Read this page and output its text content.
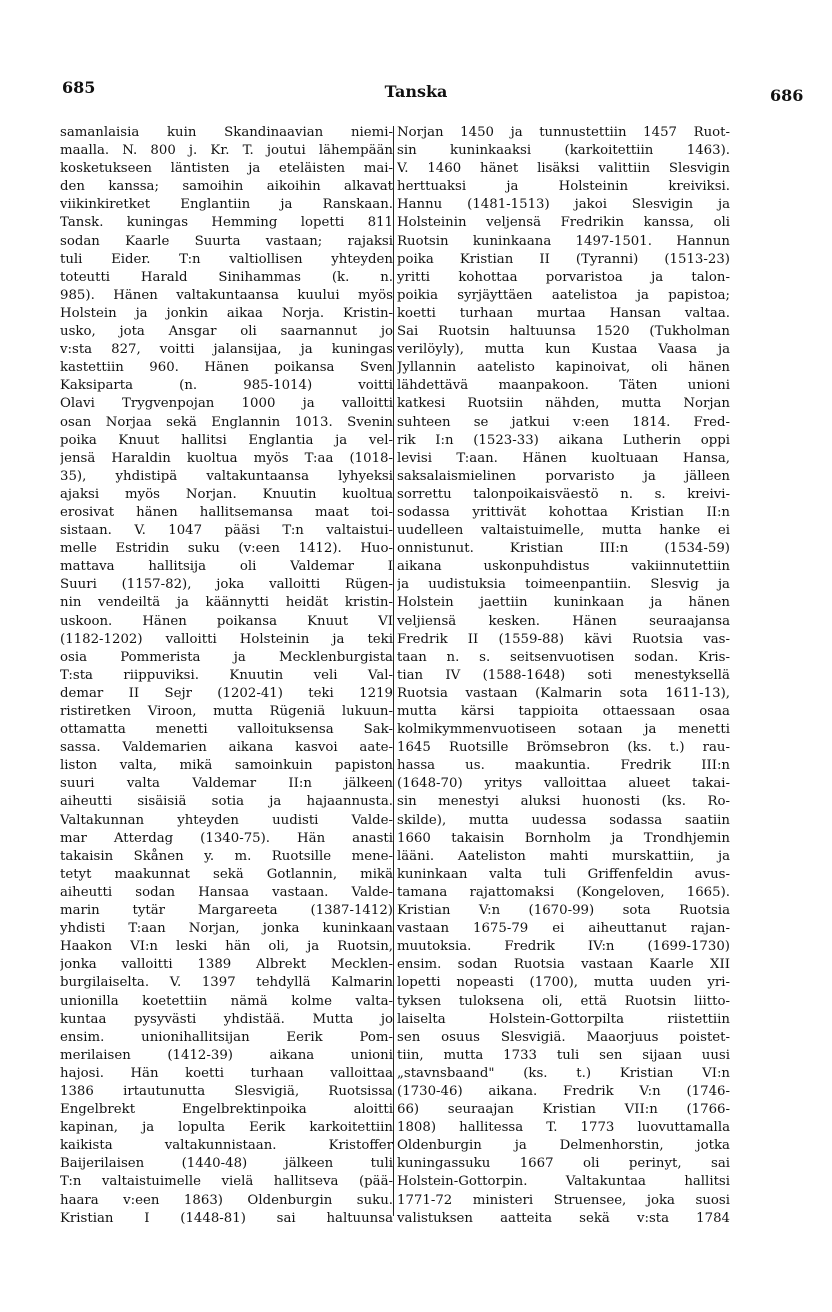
685	Tanska	686
samanlaisia kuin Skandinaavian niemi-
maalla. N. 800 j. Kr. T. joutui lähempään
kosketukseen läntisten ja eteläisten mai-
den kanssa; samoihin aikoihin alkavat
viikinkiretket Englantiin ja Ranskaan.
Tansk. kuningas Hemming lopetti 811
sodan Kaarle Suurta vastaan; rajaksi
tuli Eider. T:n valtiollisen yhteyden
toteutti Harald Sinihammas (k. n.
985). Hänen valtakuntaansa kuului myös
Holstein ja jonkin aikaa Norja. Kristin-
usko, jota Ansgar oli saarnannut jo
v:sta 827, voitti jalansijaa, ja kuningas
kastettiin 960. Hänen poikansa Sven
Kaksiparta (n. 985-1014) voitti
Olavi Trygvenpojan 1000 ja valloitti
osan Norjaa sekä Englannin 1013. Svenin
poika Knuut hallitsi Englantia ja vel-
jensä Haraldin kuoltua myös T:aa (1018-
35), yhdistipä valtakuntaansa lyhyeksi
ajaksi myös Norjan. Knuutin kuoltua
erosivat hänen hallitsemansa maat toi-
sistaan. V. 1047 pääsi T:n valtaistui-
melle Estridin suku (v:een 1412). Huo-
mattava hallitsija oli Valdemar I
Suuri (1157-82), joka valloitti Rügen-
nin vendeiltä ja käännytti heidät kristin-
uskoon. Hänen poikansa Knuut VI
(1182-1202) valloitti Holsteinin ja teki
osia Pommerista ja Mecklenburgista
T:sta riippuviksi. Knuutin veli Val-
demar II Sejr (1202-41) teki 1219
ristiretken Viroon, mutta Rügeniä lukuun-
ottamatta menetti valloituksensa Sak-
sassa. Valdemarien aikana kasvoi aate-
liston valta, mikä samoinkuin papiston
suuri valta Valdemar II:n jälkeen
aiheutti sisäisiä sotia ja hajaannusta.
Valtakunnan yhteyden uudisti Valde-
mar Atterdag (1340-75). Hän anasti
takaisin Skånen y. m. Ruotsille mene-
tetyt maakunnat sekä Gotlannin, mikä
aiheutti sodan Hansaa vastaan. Valde-
marin tytär Margareeta (1387-1412)
yhdisti T:aan Norjan, jonka kuninkaan
Haakon VI:n leski hän oli, ja Ruotsin,
jonka valloitti 1389 Albrekt Mecklen-
burgilaiselta. V. 1397 tehdyllä Kalmarin
unionilla koetettiin nämä kolme valta-
kuntaa pysyvästi yhdistää. Mutta jo
ensim. unionihallitsijan Eerik Pom-
merilaisen (1412-39) aikana unioni
hajosi. Hän koetti turhaan valloittaa
1386 irtautunutta Slesvigiä, Ruotsissa
Engelbrekt Engelbrektinpoika aloitti
kapinan, ja lopulta Eerik karkoitettiin
kaikista valtakunnistaan. Kristoffer
Baijerilaisen (1440-48) jälkeen tuli
T:n valtaistuimelle vielä hallitseva (pää-
haara v:een 1863) Oldenburgin suku.
Kristian I (1448-81) sai haltuunsa
Norjan 1450 ja tunnustettiin 1457 Ruot-
sin kuninkaaksi (karkoitettiin 1463).
V. 1460 hänet lisäksi valittiin Slesvigin
herttuaksi ja Holsteinin kreiviksi.
Hannu (1481-1513) jakoi Slesvigin ja
Holsteinin veljensä Fredrikin kanssa, oli
Ruotsin kuninkaana 1497-1501. Hannun
poika Kristian II (Tyranni) (1513-23)
yritti kohottaa porvaristoa ja talon-
poikia syrjäyttäen aatelistoa ja papistoa;
koetti turhaan murtaa Hansan valtaa.
Sai Ruotsin haltuunsa 1520 (Tukholman
verilöyly), mutta kun Kustaa Vaasa ja
Jyllannin aatelisto kapinoivat, oli hänen
lähdettävä maanpakoon. Täten unioni
katkesi Ruotsiin nähden, mutta Norjan
suhteen se jatkui v:een 1814. Fred-
rik I:n (1523-33) aikana Lutherin oppi
levisi T:aan. Hänen kuoltuaan Hansa,
saksalaismielinen porvaristo ja jälleen
sorrettu talonpoikaisväestö n. s. kreivi-
sodassa yrittivät kohottaa Kristian II:n
uudelleen valtaistuimelle, mutta hanke ei
onnistunut. Kristian III:n (1534-59)
aikana uskonpuhdistus vakiinnutettiin
ja uudistuksia toimeenpantiin. Slesvig ja
Holstein jaettiin kuninkaan ja hänen
veljiensä kesken. Hänen seuraajansa
Fredrik II (1559-88) kävi Ruotsia vas-
taan n. s. seitsenvuotisen sodan. Kris-
tian IV (1588-1648) soti menestyksellä
Ruotsia vastaan (Kalmarin sota 1611-13),
mutta kärsi tappioita ottaessaan osaa
kolmikymmenvuotiseen sotaan ja menetti
1645 Ruotsille Brömsebron (ks. t.) rau-
hassa us. maakuntia. Fredrik III:n
(1648-70) yritys valloittaa alueet takai-
sin menestyi aluksi huonosti (ks. Ro-
skilde), mutta uudessa sodassa saatiin
1660 takaisin Bornholm ja Trondhjemin
lääni. Aateliston mahti murskattiin, ja
kuninkaan valta tuli Griffenfeldin avus-
tamana rajattomaksi (Kongeloven, 1665).
Kristian V:n (1670-99) sota Ruotsia
vastaan 1675-79 ei aiheuttanut rajan-
muutoksia. Fredrik IV:n (1699-1730)
ensim. sodan Ruotsia vastaan Kaarle XII
lopetti nopeasti (1700), mutta uuden yri-
tyksen tuloksena oli, että Ruotsin liitto-
laiselta Holstein-Gottorpilta riistettiin
sen osuus Slesvigiä. Maaorjuus poistet-
tiin, mutta 1733 tuli sen sijaan uusi
„stavnsbaand" (ks. t.) Kristian VI:n
(1730-46) aikana. Fredrik V:n (1746-
66) seuraajan Kristian VII:n (1766-
1808) hallitessa T. 1773 luovuttamalla
Oldenburgin ja Delmenhorstin, jotka
kuningassuku 1667 oli perinyt, sai
Holstein-Gottorpin. Valtakuntaa hallitsi
1771-72 ministeri Struensee, joka suosi
valistuksen aatteita sekä v:sta 1784
